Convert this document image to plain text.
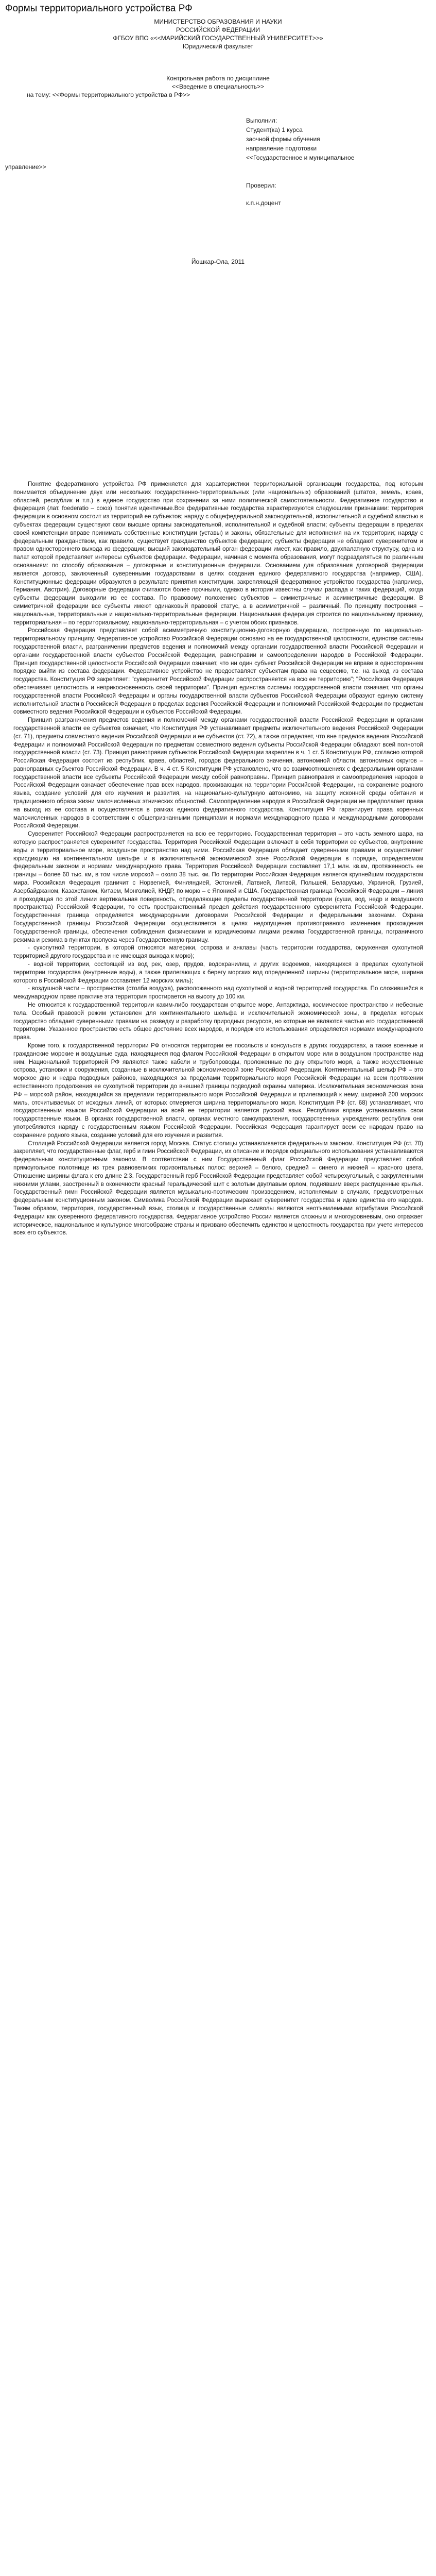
Формы территориального устройства РФ
МИНИСТЕРСТВО ОБРАЗОВАНИЯ И НАУКИ
РОССИЙСКОЙ ФЕДЕРАЦИИ
ФГБОУ ВПО «<<МАРИЙСКИЙ ГОСУДАРСТВЕННЫЙ УНИВЕРСИТЕТ>>»
Юридический факультет
Контрольная работа по дисциплине
<<Введение в специальность>>
на тему: <<Формы территориального устройства в РФ>>
Выполнил:
Студент(ка) 1 курса
заочной формы обучения
направление подготовки
<<Государственное и муниципальное
управление>>
Проверил:
к.п.н.доцент
Йошкар-Ола, 2011

Понятие федеративного устройства РФ применяется для характеристики территориальной организации государства, под которым понимается объединение двух или нескольких государственно-территориальных (или национальных) образований (штатов, земель, краев, областей, республик и т.п.) в единое государство при сохранении за ними политической самостоятельности. Федеративное государство и федерация (лат. foederatio – союз) понятия идентичные.Все федеративные государства характеризуются следующими признаками: территория федерации в основном состоит из территорий ее субъектов; наряду с общефедеральной законодательной, исполнительной и судебной властью в субъектах федерации существуют свои высшие органы законодательной, исполнительной и судебной власти; субъекты федерации в пределах своей компетенции вправе принимать собственные конституции (уставы) и законы, обязательные для исполнения на их территории; наряду с федеральным гражданством, как правило, существует гражданство субъектов федерации; субъекты федерации не обладают суверенитетом и правом одностороннего выхода из федерации; высший законодательный орган федерации имеет, как правило, двухпалатную структуру, одна из палат которой представляет интересы субъектов федерации. Федерации, начиная с момента образования, могут подразделяться по различным основаниям: по способу образования – договорные и конституционные федерации. Основанием для образования договорной федерации является договор, заключенный суверенными государствами в целях создания единого федеративного государства (например, США). Конституционные федерации образуются в результате принятия конституции, закрепляющей федеративное устройство государства (например, Германия, Австрия). Договорные федерации считаются более прочными, однако в истории известны случаи распада и таких федераций, когда субъекты федерации выходили из ее состава. По правовому положению субъектов – симметричные и асимметричные федерации. В симметричной федерации все субъекты имеют одинаковый правовой статус, а в асимметричной – различный. По принципу построения – национальные, территориальные и национально-территориальные федерации. Национальная федерация строится по национальному признаку, территориальная – по территориальному, национально-территориальная – с учетом обоих признаков.

Российская Федерация представляет собой асимметричную конституционно-договорную федерацию, построенную по национально-территориальному принципу. Федеративное устройство Российской Федерации основано на ее государственной целостности, единстве системы государственной власти, разграничении предметов ведения и полномочий между органами государственной власти Российской Федерации и органами государственной власти субъектов Российской Федерации, равноправии и самоопределении народов в Российской Федерации. Принцип государственной целостности Российской Федерации означает, что ни один субъект Российской Федерации не вправе в одностороннем порядке выйти из состава федерации. Федеративное устройство не предоставляет субъектам права на сецессию, т.е. на выход из состава государства. Конституция РФ закрепляет: "суверенитет Российской Федерации распространяется на всю ее территорию"; "Российская Федерация обеспечивает целостность и неприкосновенность своей территории". Принцип единства системы государственной власти означает, что органы государственной власти Российской Федерации и органы государственной власти субъектов Российской Федерации образуют единую систему исполнительной власти в Российской Федерации в пределах ведения Российской Федерации и полномочий Российской Федерации по предметам совместного ведения Российской Федерации и субъектов Российской Федерации.

Принцип разграничения предметов ведения и полномочий между органами государственной власти Российской Федерации и органами государственной власти ее субъектов означает, что Конституция РФ устанавливает предметы исключительного ведения Российской Федерации (ст. 71), предметы совместного ведения Российской Федерации и ее субъектов (ст. 72), а также определяет, что вне пределов ведения Российской Федерации и полномочий Российской Федерации по предметам совместного ведения субъекты Российской Федерации обладают всей полнотой государственной власти (ст. 73). Принцип равноправия субъектов Российской Федерации закреплен в ч. 1 ст. 5 Конституции РФ, согласно которой Российская Федерация состоит из республик, краев, областей, городов федерального значения, автономной области, автономных округов – равноправных субъектов Российской Федерации. В ч. 4 ст. 5 Конституции РФ установлено, что во взаимоотношениях с федеральными органами государственной власти все субъекты Российской Федерации между собой равноправны. Принцип равноправия и самоопределения народов в Российской Федерации означает обеспечение прав всех народов, проживающих на территории Российской Федерации, на сохранение родного языка, создание условий для его изучения и развития, на национально-культурную автономию, на защиту исконной среды обитания и традиционного образа жизни малочисленных этнических общностей. Самоопределение народов в Российской Федерации не предполагает права на выход из ее состава и осуществляется в рамках единого федеративного государства. Конституция РФ гарантирует права коренных малочисленных народов в соответствии с общепризнанными принципами и нормами международного права и международными договорами Российской Федерации.

Суверенитет Российской Федерации распространяется на всю ее территорию. Государственная территория – это часть земного шара, на которую распространяется суверенитет государства. Территория Российской Федерации включает в себя территории ее субъектов, внутренние воды и территориальное море, воздушное пространство над ними. Российская Федерация обладает суверенными правами и осуществляет юрисдикцию на континентальном шельфе и в исключительной экономической зоне Российской Федерации в порядке, определяемом федеральным законом и нормами международного права. Территория Российской Федерации составляет 17,1 млн. кв.км, протяженность ее границы – более 60 тыс. км, в том числе морской – около 38 тыс. км. По территории Российская Федерация является крупнейшим государством мира. Российская Федерация граничит с Норвегией, Финляндией, Эстонией, Латвией, Литвой, Польшей, Беларусью, Украиной, Грузией, Азербайджаном, Казахстаном, Китаем, Монголией, КНДР, по морю – с Японией и США. Государственная граница Российской Федерации – линия и проходящая по этой линии вертикальная поверхность, определяющие пределы государственной территории (суши, вод, недр и воздушного пространства) Российской Федерации, то есть пространственный предел действия государственного суверенитета Российской Федерации. Государственная граница определяется международными договорами Российской Федерации и федеральными законами. Охрана Государственной границы Российской Федерации осуществляется в целях недопущения противоправного изменения прохождения Государственной границы, обеспечения соблюдения физическими и юридическими лицами режима Государственной границы, пограничного режима и режима в пунктах пропуска через Государственную границу.

- сухопутной территории, в которой относятся материки, острова и анклавы (часть территории государства, окруженная сухопутной территорией другого государства и не имеющая выхода к морю);

- водной территории, состоящей из вод рек, озер, прудов, водохранилищ и других водоемов, находящихся в пределах сухопутной территории государства (внутренние воды), а также прилегающих к берегу морских вод определенной ширины (территориальное море, ширина которого в Российской Федерации составляет 12 морских миль);

- воздушной части – пространства (столба воздуха), расположенного над сухопутной и водной территорией государства. По сложившейся в международном праве практике эта территория простирается на высоту до 100 км.

Не относится к государственной территории каким-либо государствам открытое море, Антарктида, космическое пространство и небесные тела. Особый правовой режим установлен для континентального шельфа и исключительной экономической зоны, в пределах которых государство обладает суверенными правами на разведку и разработку природных ресурсов, но которые не являются частью его государственной территории. Указанное пространство есть общее достояние всех народов, и порядок его использования определяется нормами международного права.

Кроме того, к государственной территории РФ относятся территории ее посольств и консульств в других государствах, а также военные и гражданские морские и воздушные суда, находящиеся под флагом Российской Федерации в открытом море или в воздушном пространстве над ним. Национальной территорией РФ являются также кабели и трубопроводы, проложенные по дну открытого моря, а также искусственные острова, установки и сооружения, созданные в исключительной экономической зоне Российской Федерации. Континентальный шельф РФ – это морское дно и недра подводных районов, находящихся за пределами территориального моря Российской Федерации на всем протяжении естественного продолжения ее сухопутной территории до внешней границы подводной окраины материка. Исключительная экономическая зона РФ – морской район, находящийся за пределами территориального моря Российской Федерации и прилегающий к нему, шириной 200 морских миль, отсчитываемых от исходных линий, от которых отмеряется ширина территориального моря. Конституция РФ (ст. 68) устанавливает, что государственным языком Российской Федерации на всей ее территории является русский язык. Республики вправе устанавливать свои государственные языки. В органах государственной власти, органах местного самоуправления, государственных учреждениях республик они употребляются наряду с государственным языком Российской Федерации. Российская Федерация гарантирует всем ее народам право на сохранение родного языка, создание условий для его изучения и развития.

Столицей Российской Федерации является город Москва. Статус столицы устанавливается федеральным законом. Конституция РФ (ст. 70) закрепляет, что государственные флаг, герб и гимн Российской Федерации, их описание и порядок официального использования устанавливаются федеральным конституционным законом. В соответствии с ним Государственный флаг Российской Федерации представляет собой прямоугольное полотнище из трех равновеликих горизонтальных полос: верхней – белого, средней – синего и нижней – красного цвета. Отношение ширины флага к его длине 2:3. Государственный герб Российской Федерации представляет собой четырехугольный, с закругленными нижними углами, заостренный в оконечности красный геральдический щит с золотым двуглавым орлом, поднявшим вверх распущенные крылья. Государственный гимн Российской Федерации является музыкально-поэтическим произведением, исполняемым в случаях, предусмотренных федеральным конституционным законом. Символика Российской Федерации выражает суверенитет государства и идею единства его народов. Таким образом, территория, государственный язык, столица и государственные символы являются неотъемлемыми атрибутами Российской Федерации как суверенного федеративного государства. Федеративное устройство России является сложным и многоуровневым, оно отражает историческое, национальное и культурное многообразие страны и призвано обеспечить единство и целостность государства при учете интересов всех его субъектов.
